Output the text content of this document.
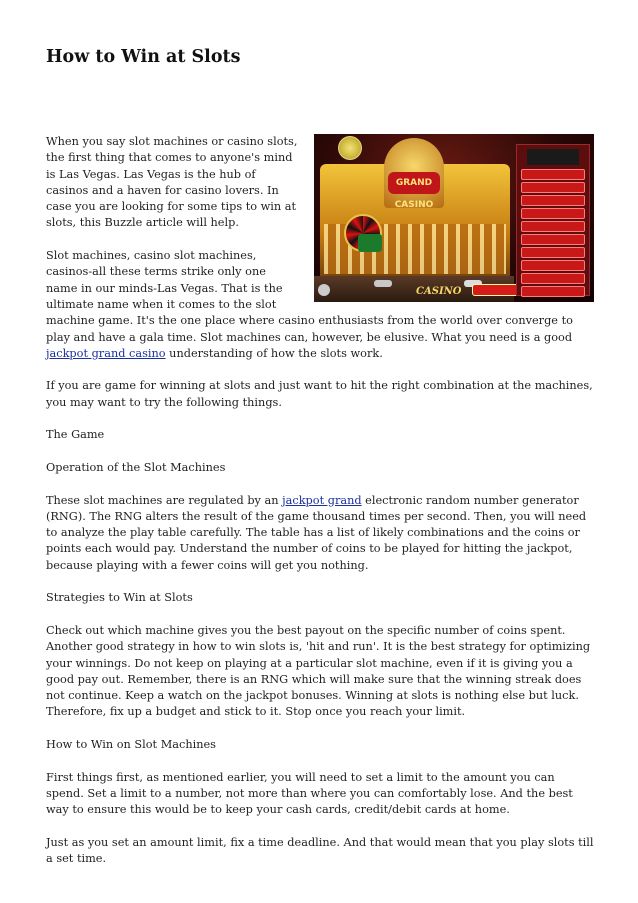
How to Win at Slots
GRAND CASINO
CASINO

When you say slot machines or casino slots, the first thing that comes to anyone's mind is Las Vegas. Las Vegas is the hub of casinos and a haven for casino lovers. In case you are looking for some tips to win at slots, this Buzzle article will help.

Slot machines, casino slot machines, casinos-all these terms strike only one name in our minds-Las Vegas. That is the ultimate name when it comes to the slot machine game. It's the one place where casino enthusiasts from the world over converge to play and have a gala time. Slot machines can, however, be elusive. What you need is a good jackpot grand casino understanding of how the slots work.

If you are game for winning at slots and just want to hit the right combination at the machines, you may want to try the following things.

The Game

Operation of the Slot Machines

These slot machines are regulated by an jackpot grand electronic random number generator (RNG). The RNG alters the result of the game thousand times per second. Then, you will need to analyze the play table carefully. The table has a list of likely combinations and the coins or points each would pay. Understand the number of coins to be played for hitting the jackpot, because playing with a fewer coins will get you nothing.

Strategies to Win at Slots

Check out which machine gives you the best payout on the specific number of coins spent. Another good strategy in how to win slots is, 'hit and run'. It is the best strategy for optimizing your winnings. Do not keep on playing at a particular slot machine, even if it is giving you a good pay out. Remember, there is an RNG which will make sure that the winning streak does not continue. Keep a watch on the jackpot bonuses. Winning at slots is nothing else but luck. Therefore, fix up a budget and stick to it. Stop once you reach your limit.

How to Win on Slot Machines

First things first, as mentioned earlier, you will need to set a limit to the amount you can spend. Set a limit to a number, not more than where you can comfortably lose. And the best way to ensure this would be to keep your cash cards, credit/debit cards at home.

Just as you set an amount limit, fix a time deadline. And that would mean that you play slots till a set time.
